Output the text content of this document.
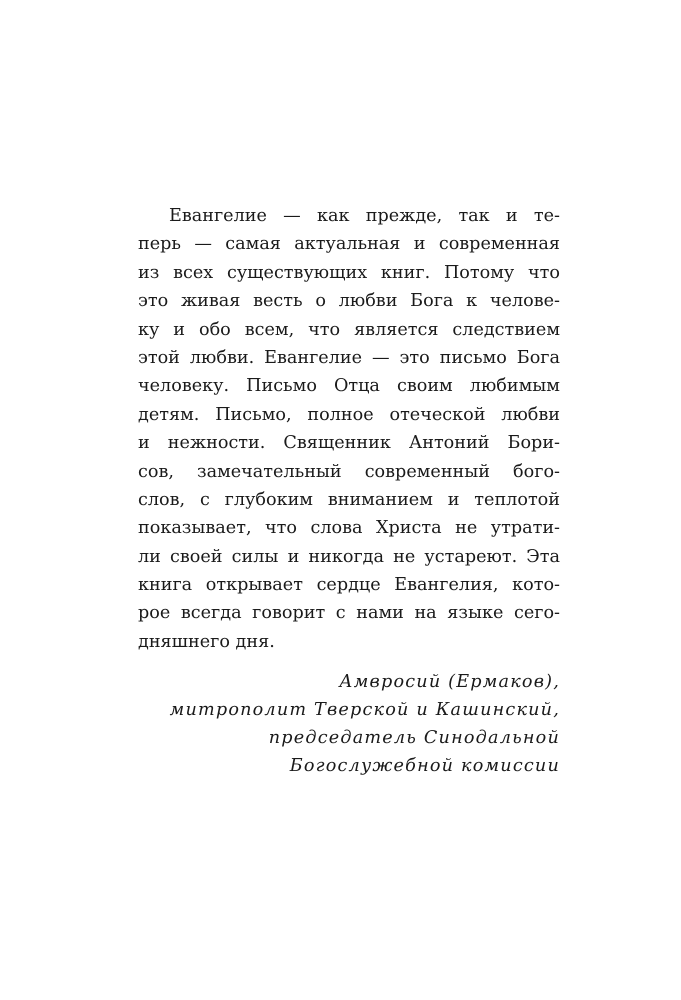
Евангелие — как прежде, так и те-
перь — самая актуальная и современная
из всех существующих книг. Потому что
это живая весть о любви Бога к челове-
ку и обо всем, что является следствием
этой любви. Евангелие — это письмо Бога
человеку. Письмо Отца своим любимым
детям. Письмо, полное отеческой любви
и нежности. Священник Антоний Бори-
сов, замечательный современный бого-
слов, с глубоким вниманием и теплотой
показывает, что слова Христа не утрати-
ли своей силы и никогда не устареют. Эта
книга открывает сердце Евангелия, кото-
рое всегда говорит с нами на языке сего-
дняшнего дня.
Амвросий (Ермаков),
митрополит Тверской и Кашинский,
председатель Синодальной
Богослужебной комиссии
